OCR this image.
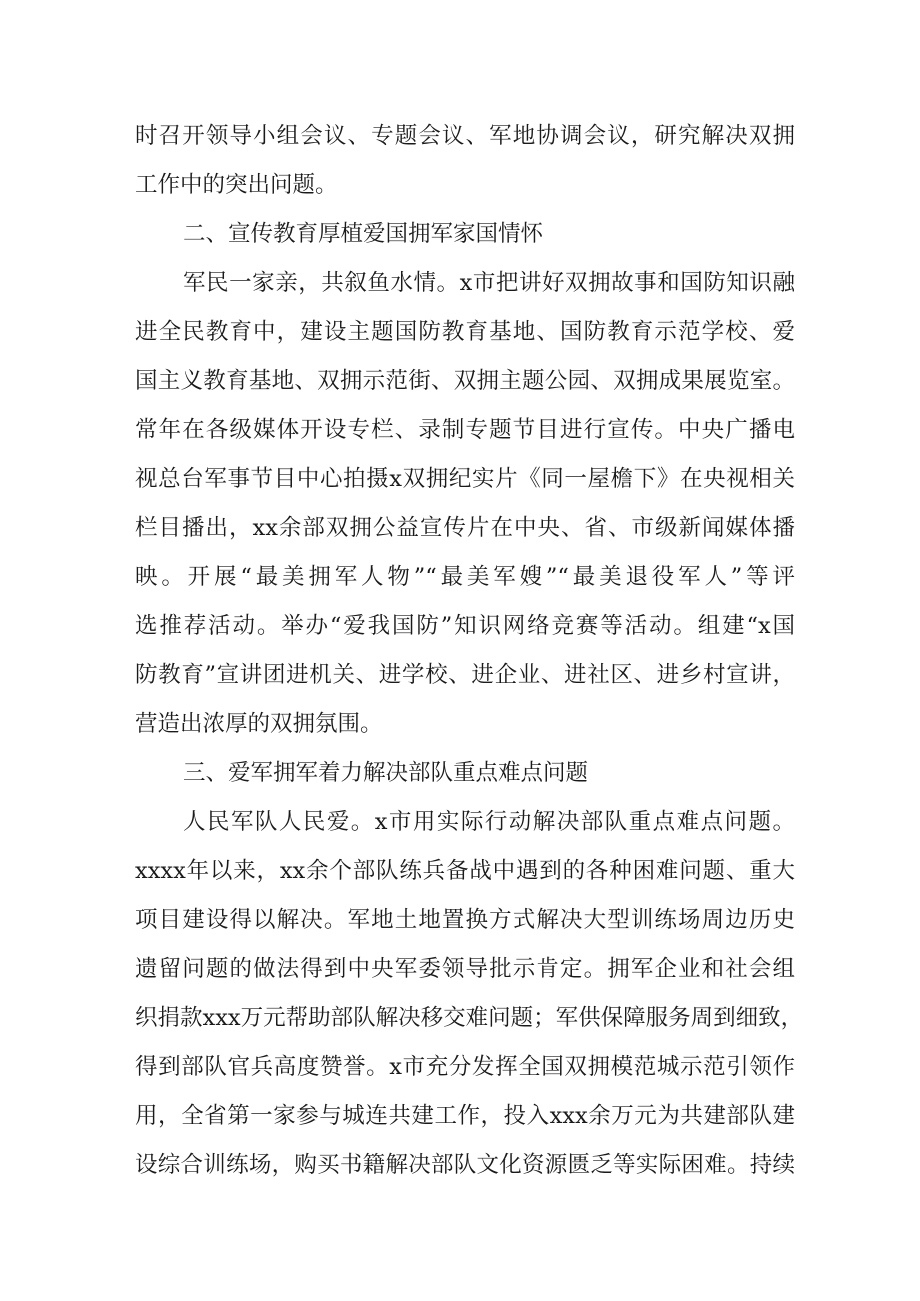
时召开领导小组会议、专题会议、军地协调会议，研究解决双拥
工作中的突出问题。
二、宣传教育厚植爱国拥军家国情怀
军民一家亲，共叙鱼水情。x市把讲好双拥故事和国防知识融
进全民教育中，建设主题国防教育基地、国防教育示范学校、爱
国主义教育基地、双拥示范街、双拥主题公园、双拥成果展览室。
常年在各级媒体开设专栏、录制专题节目进行宣传。中央广播电
视总台军事节目中心拍摄x双拥纪实片《同一屋檐下》在央视相关
栏目播出，xx余部双拥公益宣传片在中央、省、市级新闻媒体播
映。开展“最美拥军人物”“最美军嫂”“最美退役军人”等评
选推荐活动。举办“爱我国防”知识网络竞赛等活动。组建“x国
防教育”宣讲团进机关、进学校、进企业、进社区、进乡村宣讲，
营造出浓厚的双拥氛围。
三、爱军拥军着力解决部队重点难点问题
人民军队人民爱。x市用实际行动解决部队重点难点问题。
xxxx年以来，xx余个部队练兵备战中遇到的各种困难问题、重大
项目建设得以解决。军地土地置换方式解决大型训练场周边历史
遗留问题的做法得到中央军委领导批示肯定。拥军企业和社会组
织捐款xxx万元帮助部队解决移交难问题；军供保障服务周到细致，
得到部队官兵高度赞誉。x市充分发挥全国双拥模范城示范引领作
用，全省第一家参与城连共建工作，投入xxx余万元为共建部队建
设综合训练场，购买书籍解决部队文化资源匮乏等实际困难。持续
